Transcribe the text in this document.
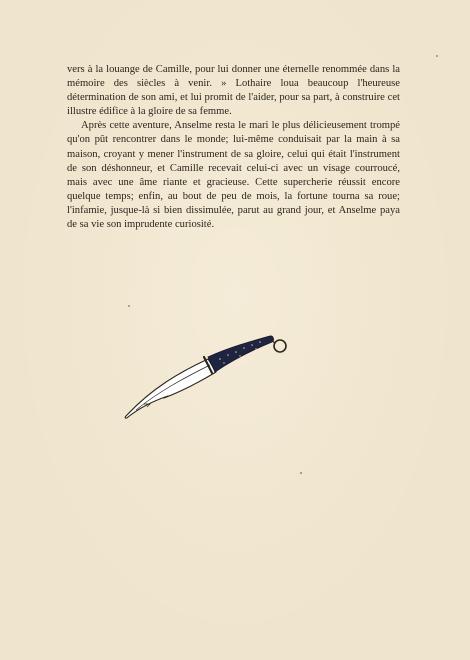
vers à la louange de Camille, pour lui donner une éternelle renommée dans la mémoire des siècles à venir. » Lothaire loua beaucoup l'heureuse détermination de son ami, et lui promit de l'aider, pour sa part, à construire cet illustre édifice à la gloire de sa femme.

Après cette aventure, Anselme resta le mari le plus délicieusement trompé qu'on pût rencontrer dans le monde; lui-même conduisait par la main à sa maison, croyant y mener l'instrument de sa gloire, celui qui était l'instrument de son déshonneur, et Camille recevait celui-ci avec un visage courroucé, mais avec une âme riante et gracieuse. Cette supercherie réussit encore quelque temps; enfin, au bout de peu de mois, la fortune tourna sa roue; l'infamie, jusque-là si bien dissimulée, parut au grand jour, et Anselme paya de sa vie son imprudente curiosité.
